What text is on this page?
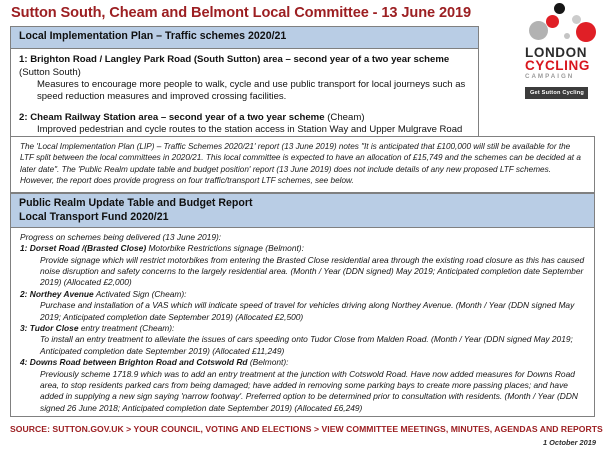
Sutton South, Cheam and Belmont Local Committee - 13 June 2019
LONDON
CYCLING
CAMPAIGN
Get Sutton Cycling
Local Implementation Plan – Traffic schemes 2020/21
1: Brighton Road / Langley Park Road (South Sutton) area – second year of a two year scheme (Sutton South)
Measures to encourage more people to walk, cycle and use public transport for local journeys such as speed reduction measures and improved crossing facilities.
2: Cheam Railway Station area – second year of a two year scheme (Cheam)
Improved pedestrian and cycle routes to the station access in Station Way and Upper Mulgrave Road
The 'Local Implementation Plan (LIP) – Traffic Schemes 2020/21' report (13 June 2019) notes "It is anticipated that £100,000 will still be available for the LTF split between the local committees in 2020/21. This local committee is expected to have an allocation of £15,749 and the schemes can be decided at a later date". The 'Public Realm update table and budget position' report (13 June 2019) does not include details of any new proposed LTF schemes. However, the report does provide progress on four traffic/transport LTF schemes, see below.
Public Realm Update Table and Budget Report
Local Transport Fund 2020/21
Progress on schemes being delivered (13 June 2019):
1: Dorset Road /(Brasted Close) Motorbike Restrictions signage (Belmont):
Provide signage which will restrict motorbikes from entering the Brasted Close residential area through the existing road closure as this has caused noise disruption and safety concerns to the largely residential area. (Month / Year (DDN signed) May 2019; Anticipated completion date September 2019) (Allocated £2,000)
2: Northey Avenue Activated Sign (Cheam):
Purchase and installation of a VAS which will indicate speed of travel for vehicles driving along Northey Avenue. (Month / Year (DDN signed May 2019; Anticipated completion date September 2019) (Allocated £2,500)
3: Tudor Close entry treatment (Cheam):
To install an entry treatment to alleviate the issues of cars speeding onto Tudor Close from Malden Road. (Month / Year (DDN signed May 2019; Anticipated completion date September 2019) (Allocated £11,249)
4: Downs Road between Brighton Road and Cotswold Rd (Belmont):
Previously scheme 1718.9 which was to add an entry treatment at the junction with Cotswold Road. Have now added measures for Downs Road area, to stop residents parked cars from being damaged; have added in removing some parking bays to create more passing places; and have added in supplying a new sign saying 'narrow footway'. Preferred option to be determined prior to consultation with residents. (Month / Year (DDN signed 26 June 2018; Anticipated completion date September 2019) (Allocated £6,249)
SOURCE: SUTTON.GOV.UK > YOUR COUNCIL, VOTING AND ELECTIONS > VIEW COMMITTEE MEETINGS, MINUTES, AGENDAS AND REPORTS
1 October 2019
